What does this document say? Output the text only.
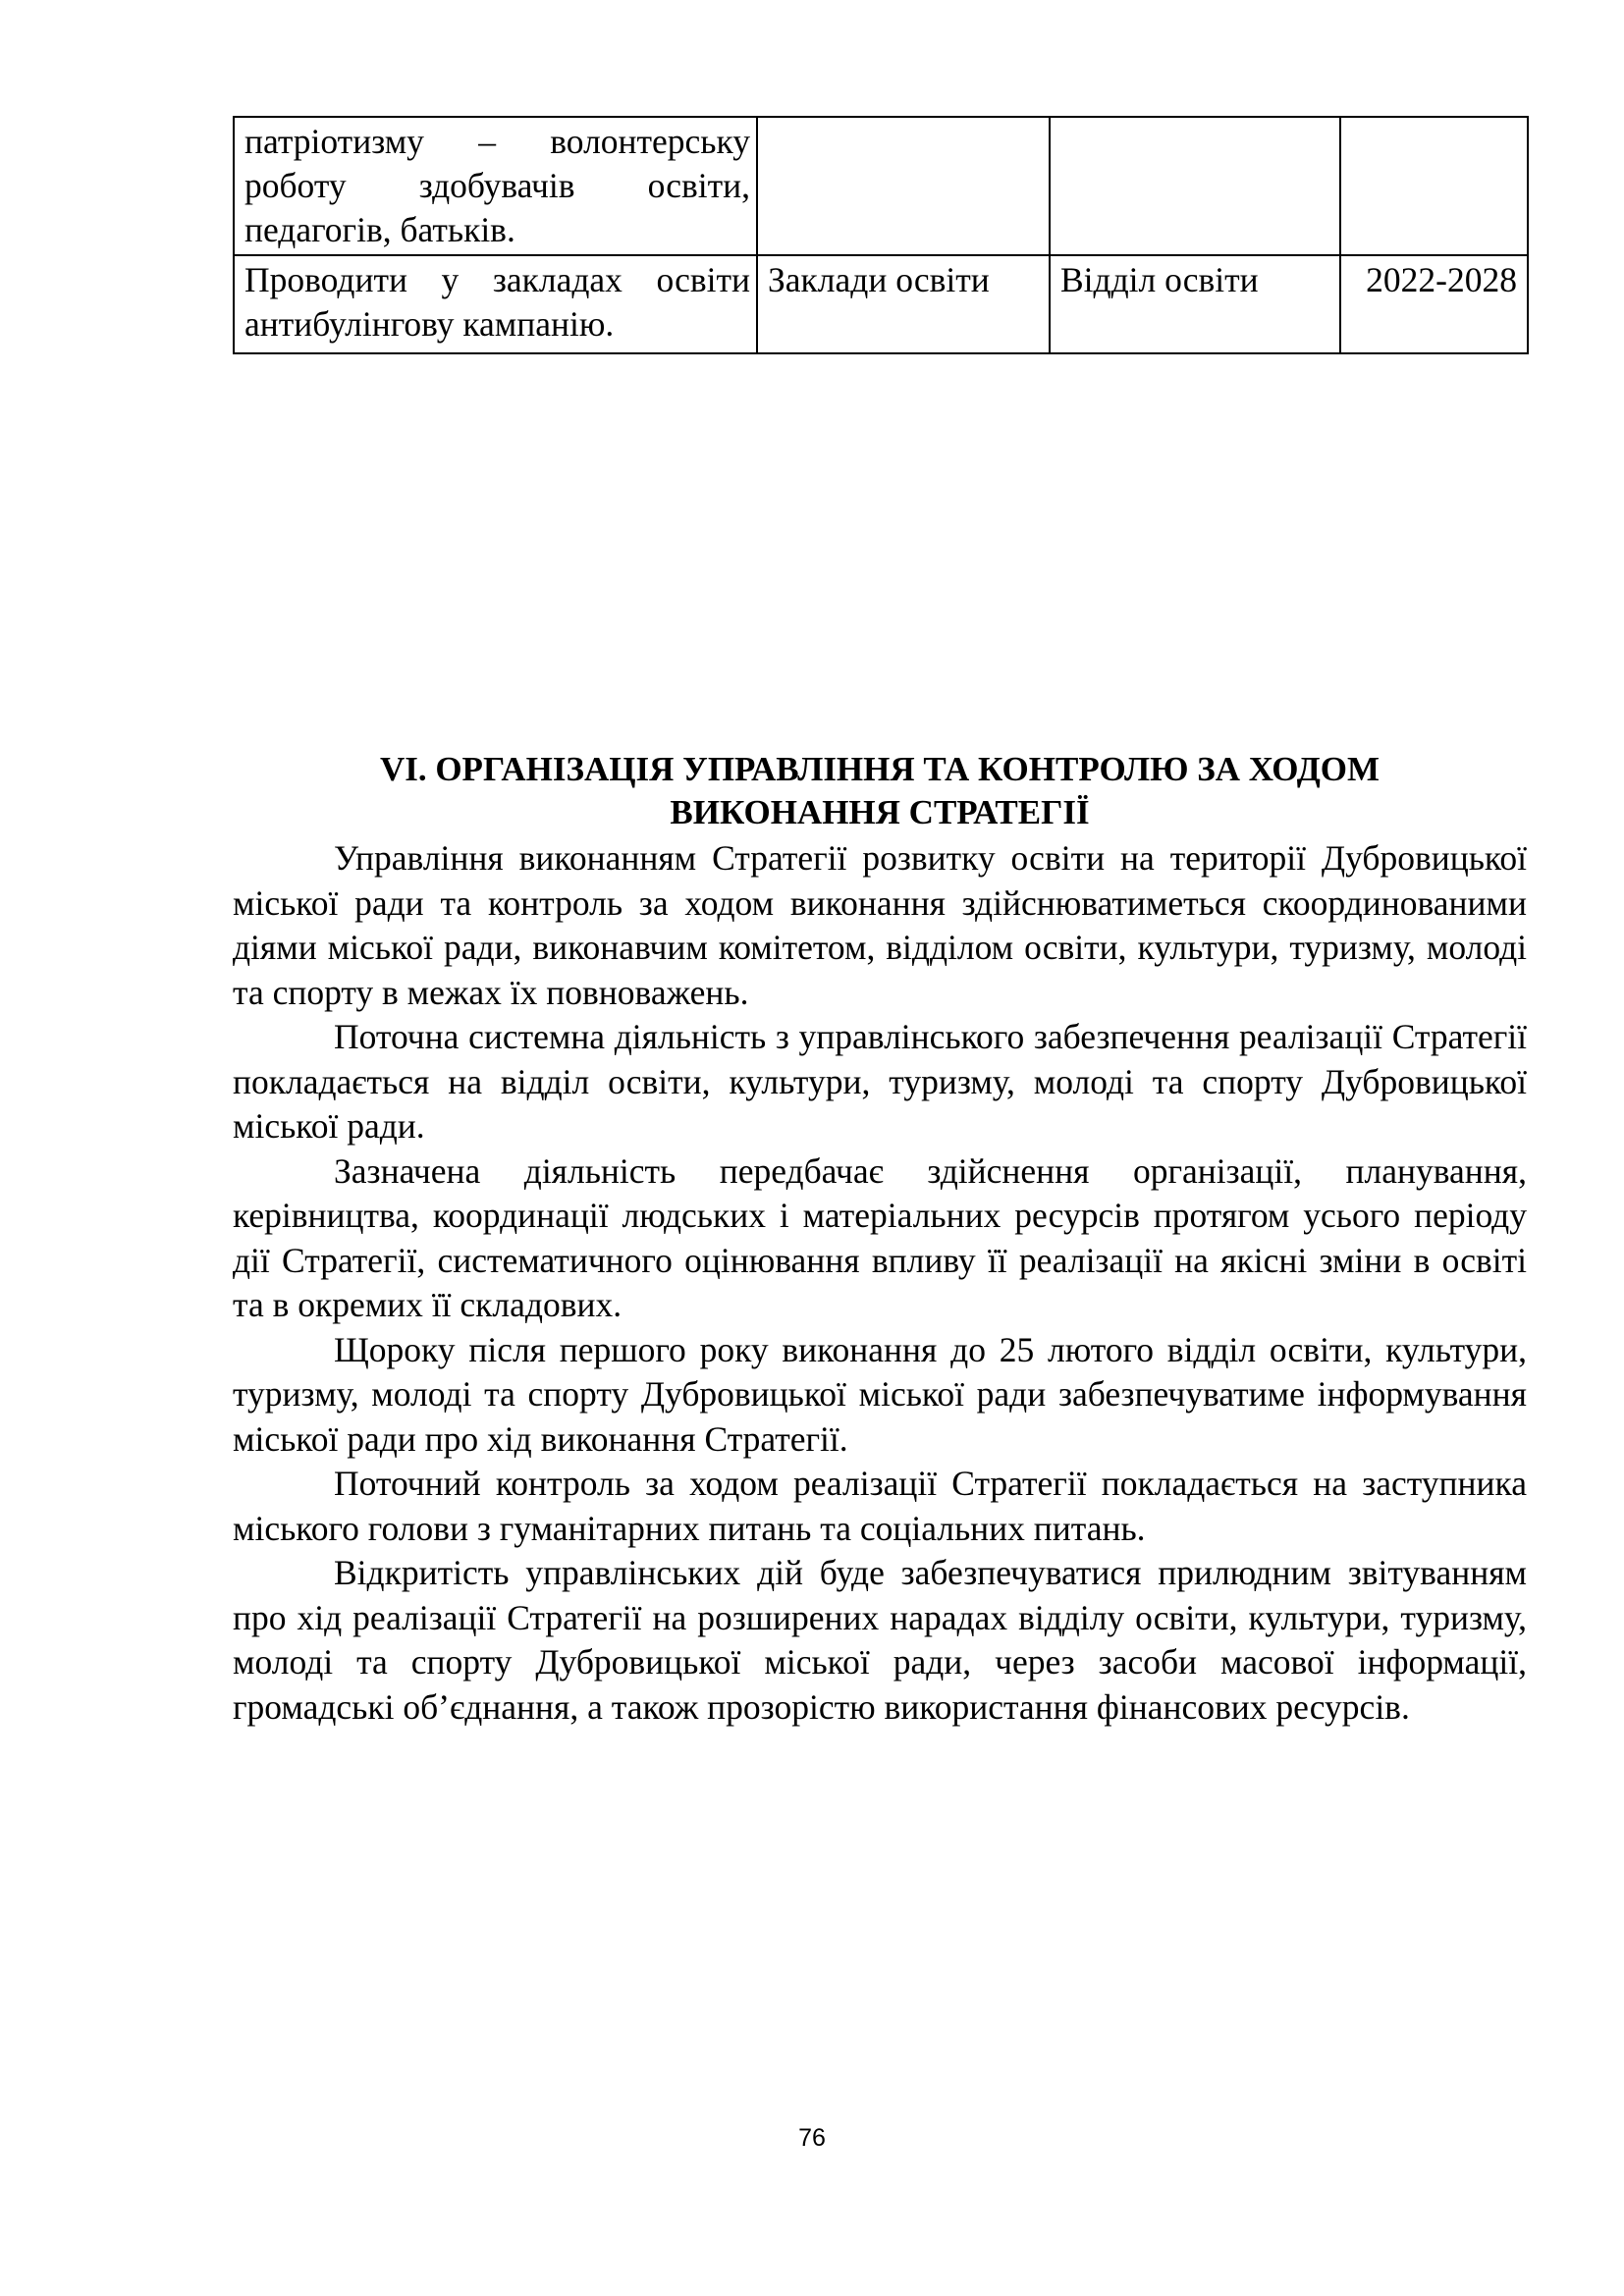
патріотизму – волонтерську роботу здобувачів освіти, педагогів, батьків.			
Проводити у закладах освіти антибулінгову кампанію.	Заклади освіти	Відділ освіти	2022-2028
VI. ОРГАНІЗАЦІЯ УПРАВЛІННЯ ТА КОНТРОЛЮ ЗА ХОДОМ
ВИКОНАННЯ СТРАТЕГІЇ

Управління виконанням Стратегії розвитку освіти на території Дубровицької міської ради та контроль за ходом виконання здійснюватиметься скоординованими діями міської ради, виконавчим комітетом, відділом освіти, культури, туризму, молоді та спорту в межах їх повноважень.

Поточна системна діяльність з управлінського забезпечення реалізації Стратегії покладається на відділ освіти, культури, туризму, молоді та спорту Дубровицької міської ради.

Зазначена діяльність передбачає здійснення організації, планування, керівництва, координації людських і матеріальних ресурсів протягом усього періоду дії Стратегії, систематичного оцінювання впливу її реалізації на якісні зміни в освіті та в окремих її складових.

Щороку після першого року виконання до 25 лютого відділ освіти, культури, туризму, молоді та спорту Дубровицької міської ради забезпечуватиме інформування міської ради про хід виконання Стратегії.

Поточний контроль за ходом реалізації Стратегії покладається на заступника міського голови з гуманітарних питань та соціальних питань.

Відкритість управлінських дій буде забезпечуватися прилюдним звітуванням про хід реалізації Стратегії на розширених нарадах відділу освіти, культури, туризму, молоді та спорту Дубровицької міської ради, через засоби масової інформації, громадські об’єднання, а також прозорістю використання фінансових ресурсів.

76
